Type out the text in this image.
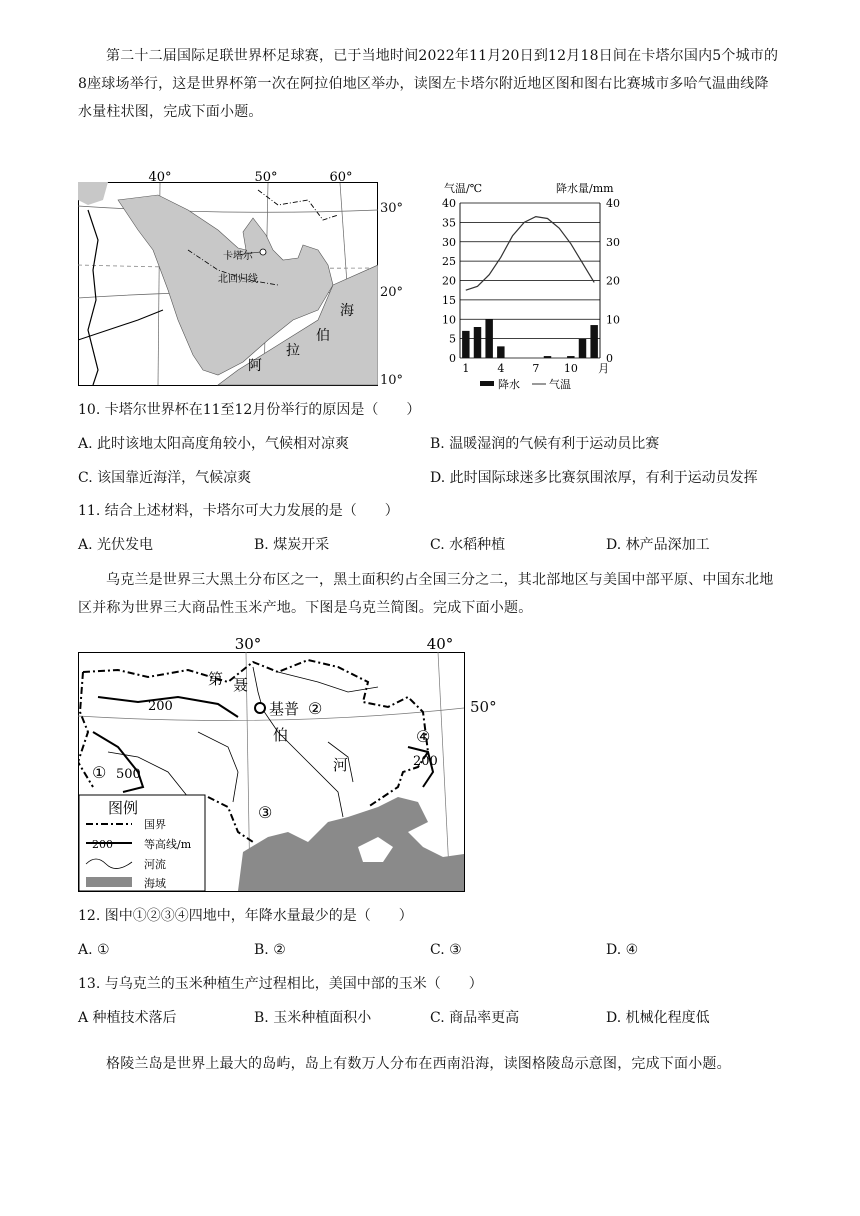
第二十二届国际足联世界杯足球赛，已于当地时间2022年11月20日到12月18日间在卡塔尔国内5个城市的8座球场举行，这是世界杯第一次在阿拉伯地区举办，读图左卡塔尔附近地区图和图右比赛城市多哈气温曲线降水量柱状图，完成下面小题。
40°	50°	60°
卡塔尔
北回归线
海
伯
拉
阿
30°
20°
10°
气温/℃	降水量/mm
0
5
10
15
20
25
30
35
40
0
10
20
30
40
1	4	7 10 月
降水	气温
10. 卡塔尔世界杯在11至12月份举行的原因是（　　）
A. 此时该地太阳高度角较小，气候相对凉爽	B. 温暖湿润的气候有利于运动员比赛
C. 该国靠近海洋，气候凉爽	D. 此时国际球迷多比赛氛围浓厚，有利于运动员发挥
11. 结合上述材料，卡塔尔可大力发展的是（　　）
A. 光伏发电	B. 煤炭开采	C. 水稻种植	D. 林产品深加工
乌克兰是世界三大黑土分布区之一，黑土面积约占全国三分之二，其北部地区与美国中部平原、中国东北地区并称为世界三大商品性玉米产地。下图是乌克兰简图。完成下面小题。
30°	40°
第 聂
伯
河
基普
200
500
200
①
②
③
④
图例
国界
200	等高线/m
河流
海域
50°
12. 图中①②③④四地中，年降水量最少的是（　　）
A. ①	B. ②	C. ③	D. ④
13. 与乌克兰的玉米种植生产过程相比，美国中部的玉米（　　）
A 种植技术落后	B. 玉米种植面积小	C. 商品率更高	D. 机械化程度低
格陵兰岛是世界上最大的岛屿，岛上有数万人分布在西南沿海，读图格陵岛示意图，完成下面小题。
